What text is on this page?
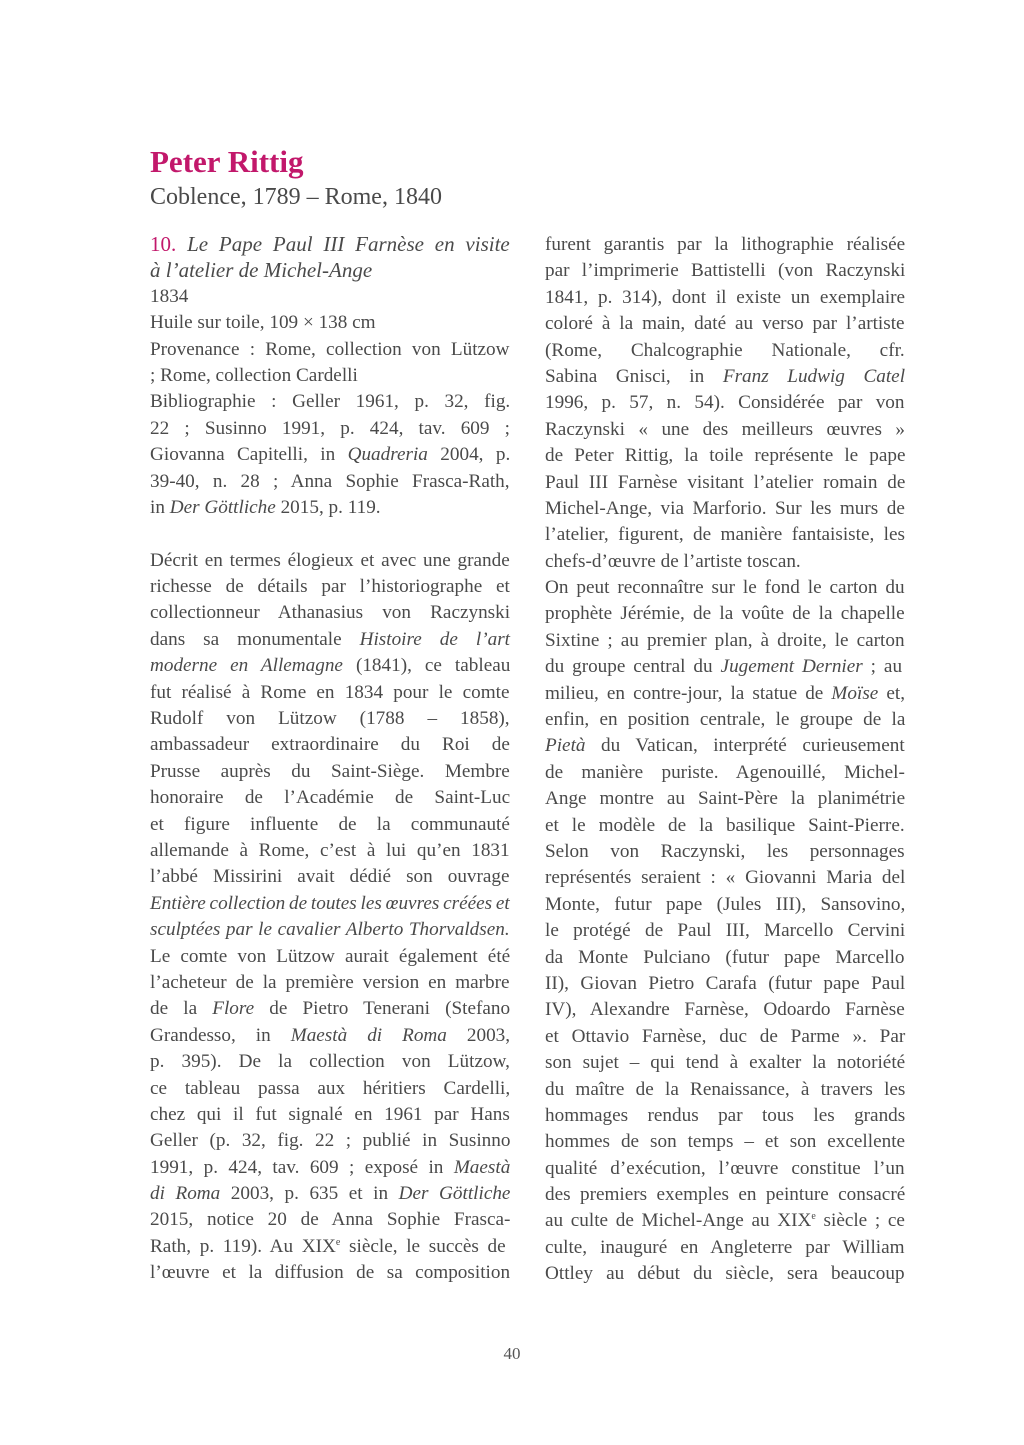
Peter Rittig
Coblence, 1789 – Rome, 1840
10. Le Pape Paul III Farnèse en visite
à l’atelier de Michel-Ange
1834
Huile sur toile, 109 × 138 cm
Provenance : Rome, collection von Lützow
; Rome, collection Cardelli
Bibliographie : Geller 1961, p. 32, fig.
22 ; Susinno 1991, p. 424, tav. 609 ;
Giovanna Capitelli, in Quadreria 2004, p.
39-40, n. 28 ; Anna Sophie Frasca-Rath,
in Der Göttliche 2015, p. 119.
Décrit en termes élogieux et avec une grande
richesse de détails par l’historiographe et
collectionneur Athanasius von Raczynski
dans sa monumentale Histoire de l’art
moderne en Allemagne (1841), ce tableau
fut réalisé à Rome en 1834 pour le comte
Rudolf von Lützow (1788 – 1858),
ambassadeur extraordinaire du Roi de
Prusse auprès du Saint-Siège. Membre
honoraire de l’Académie de Saint-Luc
et figure influente de la communauté
allemande à Rome, c’est à lui qu’en 1831
l’abbé Missirini avait dédié son ouvrage
Entière collection de toutes les œuvres créées et
sculptées par le cavalier Alberto Thorvaldsen.
Le comte von Lützow aurait également été
l’acheteur de la première version en marbre
de la Flore de Pietro Tenerani (Stefano
Grandesso, in Maestà di Roma 2003,
p. 395). De la collection von Lützow,
ce tableau passa aux héritiers Cardelli,
chez qui il fut signalé en 1961 par Hans
Geller (p. 32, fig. 22 ; publié in Susinno
1991, p. 424, tav. 609 ; exposé in Maestà
di Roma 2003, p. 635 et in Der Göttliche
2015, notice 20 de Anna Sophie Frasca-
Rath, p. 119). Au XIXe siècle, le succès de
l’œuvre et la diffusion de sa composition
furent garantis par la lithographie réalisée
par l’imprimerie Battistelli (von Raczynski
1841, p. 314), dont il existe un exemplaire
coloré à la main, daté au verso par l’artiste
(Rome, Chalcographie Nationale, cfr.
Sabina Gnisci, in Franz Ludwig Catel
1996, p. 57, n. 54). Considérée par von
Raczynski « une des meilleurs œuvres »
de Peter Rittig, la toile représente le pape
Paul III Farnèse visitant l’atelier romain de
Michel-Ange, via Marforio. Sur les murs de
l’atelier, figurent, de manière fantaisiste, les
chefs-d’œuvre de l’artiste toscan.
On peut reconnaître sur le fond le carton du
prophète Jérémie, de la voûte de la chapelle
Sixtine ; au premier plan, à droite, le carton
du groupe central du Jugement Dernier ; au
milieu, en contre-jour, la statue de Moïse et,
enfin, en position centrale, le groupe de la
Pietà du Vatican, interprété curieusement
de manière puriste. Agenouillé, Michel-
Ange montre au Saint-Père la planimétrie
et le modèle de la basilique Saint-Pierre.
Selon von Raczynski, les personnages
représentés seraient : « Giovanni Maria del
Monte, futur pape (Jules III), Sansovino,
le protégé de Paul III, Marcello Cervini
da Monte Pulciano (futur pape Marcello
II), Giovan Pietro Carafa (futur pape Paul
IV), Alexandre Farnèse, Odoardo Farnèse
et Ottavio Farnèse, duc de Parme ». Par
son sujet – qui tend à exalter la notoriété
du maître de la Renaissance, à travers les
hommages rendus par tous les grands
hommes de son temps – et son excellente
qualité d’exécution, l’œuvre constitue l’un
des premiers exemples en peinture consacré
au culte de Michel-Ange au XIXe siècle ; ce
culte, inauguré en Angleterre par William
Ottley au début du siècle, sera beaucoup
40
